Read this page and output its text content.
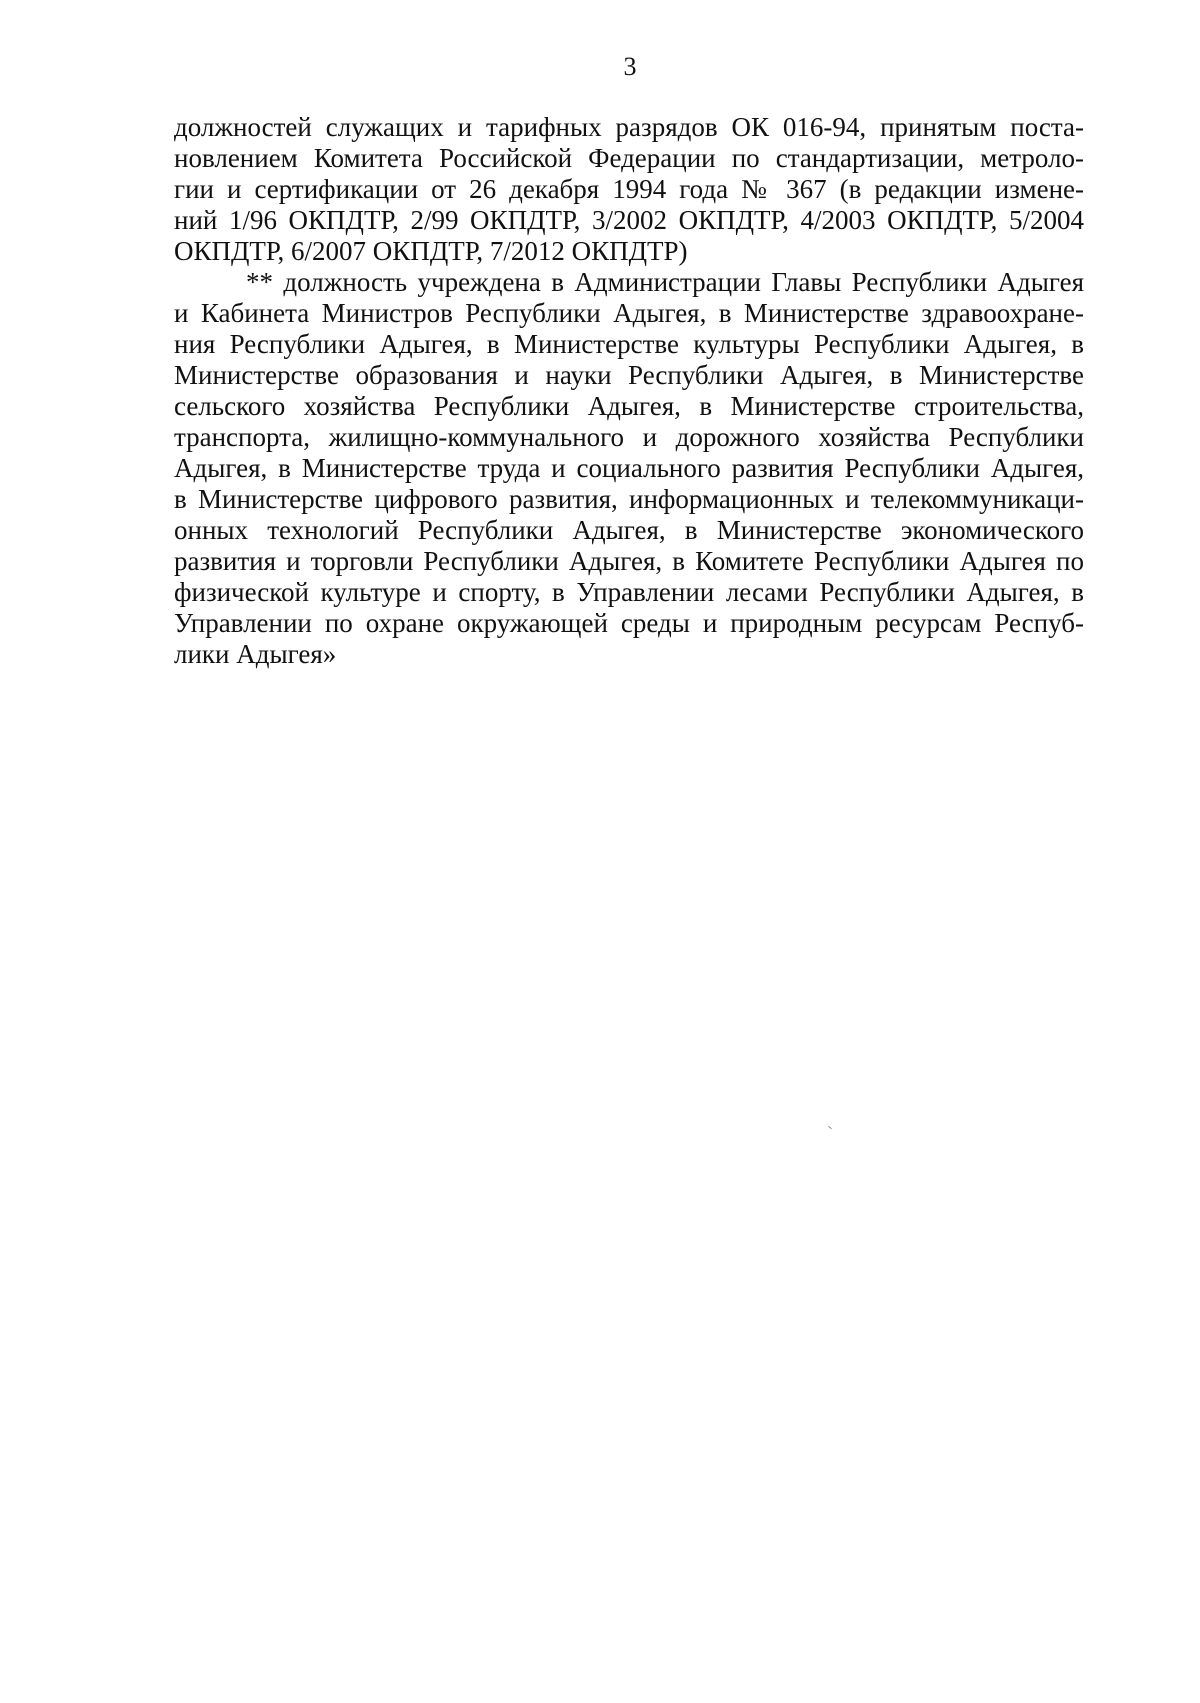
3
должностей служащих и тарифных разрядов ОК 016-94, принятым поста-
новлением Комитета Российской Федерации по стандартизации, метроло-
гии и сертификации от 26 декабря 1994 года № 367 (в редакции измене-
ний 1/96 ОКПДТР, 2/99 ОКПДТР, 3/2002 ОКПДТР, 4/2003 ОКПДТР, 5/2004
ОКПДТР, 6/2007 ОКПДТР, 7/2012 ОКПДТР)
** должность учреждена в Администрации Главы Республики Адыгея
и Кабинета Министров Республики Адыгея, в Министерстве здравоохране-
ния Республики Адыгея, в Министерстве культуры Республики Адыгея, в
Министерстве образования и науки Республики Адыгея, в Министерстве
сельского хозяйства Республики Адыгея, в Министерстве строительства,
транспорта, жилищно-коммунального и дорожного хозяйства Республики
Адыгея, в Министерстве труда и социального развития Республики Адыгея,
в Министерстве цифрового развития, информационных и телекоммуникаци-
онных технологий Республики Адыгея, в Министерстве экономического
развития и торговли Республики Адыгея, в Комитете Республики Адыгея по
физической культуре и спорту, в Управлении лесами Республики Адыгея, в
Управлении по охране окружающей среды и природным ресурсам Респуб-
лики Адыгея»
